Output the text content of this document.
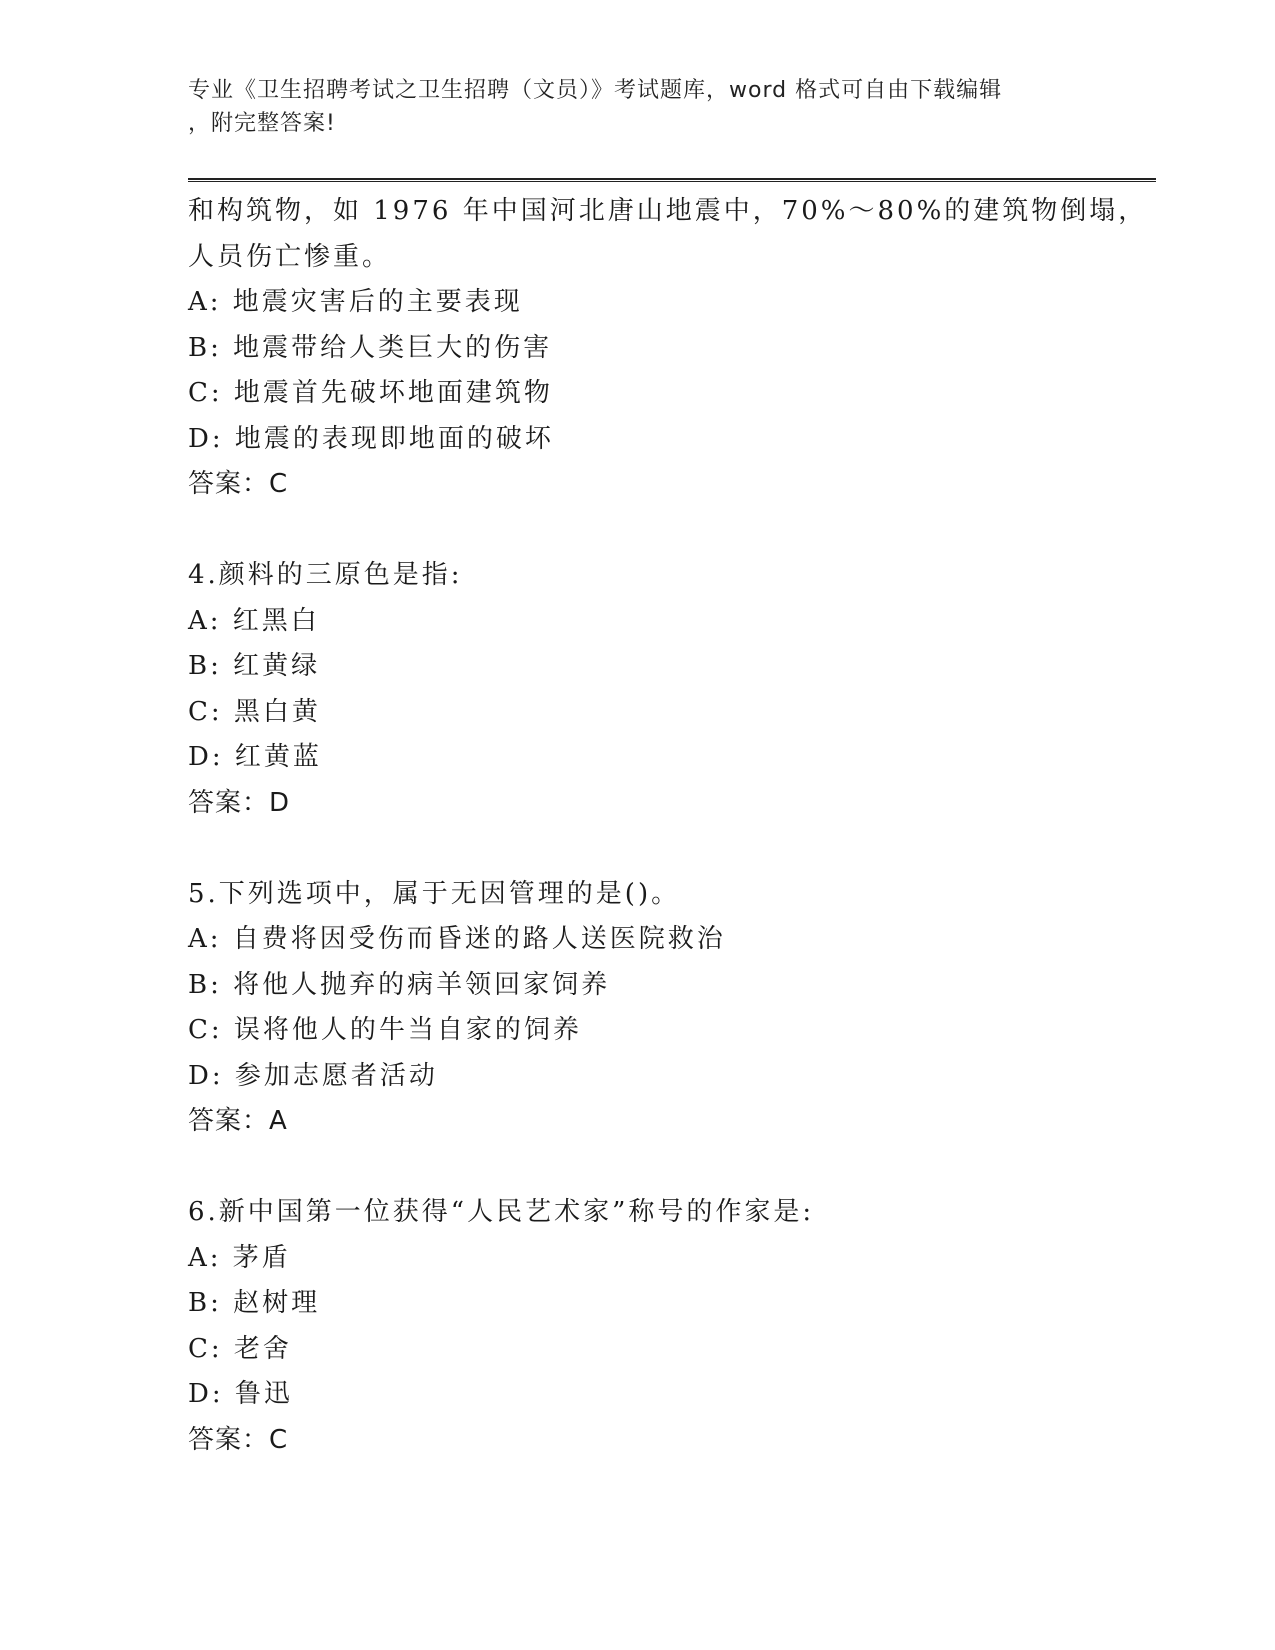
专业《卫生招聘考试之卫生招聘（文员）》考试题库，word 格式可自由下载编辑
，附完整答案!
和构筑物，如 1976 年中国河北唐山地震中，70%～80%的建筑物倒塌，
人员伤亡惨重。
A: 地震灾害后的主要表现
B: 地震带给人类巨大的伤害
C: 地震首先破坏地面建筑物
D: 地震的表现即地面的破坏
答案：C
4.颜料的三原色是指:
A: 红黑白
B: 红黄绿
C: 黑白黄
D: 红黄蓝
答案：D
5.下列选项中，属于无因管理的是()。
A: 自费将因受伤而昏迷的路人送医院救治
B: 将他人抛弃的病羊领回家饲养
C: 误将他人的牛当自家的饲养
D: 参加志愿者活动
答案：A
6.新中国第一位获得“人民艺术家”称号的作家是:
A: 茅盾
B: 赵树理
C: 老舍
D: 鲁迅
答案：C
